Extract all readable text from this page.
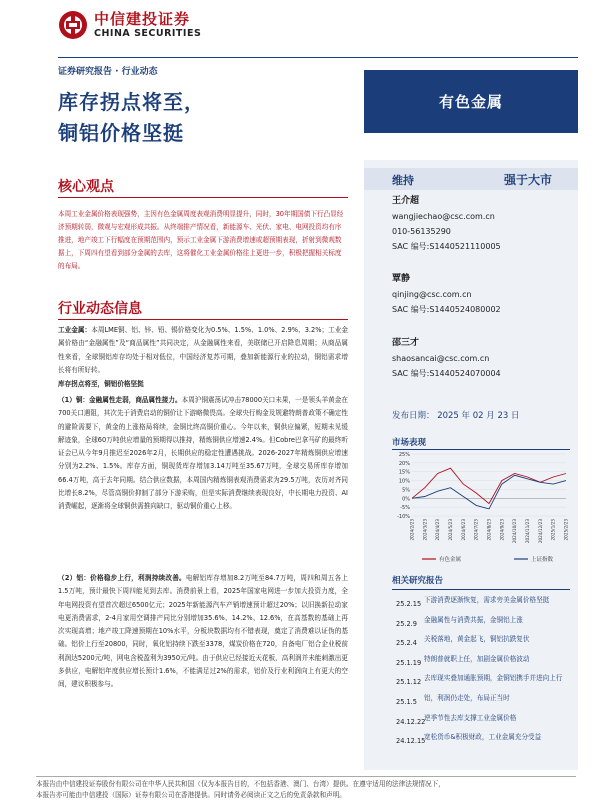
中信建投证券
CHINA SECURITIES
证券研究报告 · 行业动态
库存拐点将至，
铜铝价格坚挺
有色金属
核心观点
本周工业金属价格表现强势，主因有色金属周度表观消费明显提升，同时，30年期国债下行凸显经济预期转弱，微观与宏观形成共振。从终端排产情况看，新能源车、光伏、家电、电网投资均有序推进，地产竣工下行幅度在预期范围内，预示工业金属下游消费增速或超预期表现，折射到微观数据上，下周四有望看到部分金属的去库，这将催化工业金属价格往上更进一步，积极把握相关标度的布局。
行业动态信息
工业金属：本周LME铜、铝、锌、铅、锡价格变化为0.5%、1.5%、1.0%、2.9%、3.2%；工业金属价格由“金融属性”及“商品属性”共同决定，从金融属性来看，美联储已开启降息周期；从商品属性来看，全球铜铝库存均处于相对低位，中国经济复苏可期，叠加新能源行业的拉动，铜铝需求增长将有所好转。
库存拐点将至，铜铝价格坚挺
（1）铜：金融属性走弱，商品属性接力。本周沪铜震荡试冲击78000关口未果，一是领头羊黄金在700关口遇阻，其次先于消费启动的铜价让下游略微畏高。全球央行购金及规避特朗普政策不确定性的避险需要下，黄金的上涨格局将续，金铜比终高铜价重心。今年以来，铜供应偏紧，短期未见缓解迹象，全球60万吨供应增量的预期得以推持，精炼铜供应增速2.4%。但Cobre巴拿马矿的最终听证会已从今年9月推迟至2026年2月，长期供应的稳定性遭遇挑战。2026-2027年精炼铜供应增速分别为2.2%、1.5%。库存方面，铜现货库存增加3.14万吨至35.67万吨，全球交易所库存增加66.4万吨，高于去年同期。结合供应数据，本周国内精炼铜表观消费需求为29.5万吨，农历对齐同比增长8.2%，尽管高铜价抑制了部分下游采购，但是实际消费继续表现良好，中长期电力投资、AI消费崛起，逐渐将全球铜供需推向缺口，驱动铜价重心上移。
（2）铝：价格稳步上行，利润持续改善。电解铝库存增加8.2万吨至84.7万吨，周四和周五各上1.5万吨，预计最快下周四能见到去库。消费前景上看，2025年国家电网进一步加大投资力度，全年电网投资有望首次超过6500亿元；2025年新能源汽车产销增速预计超过20%；以旧换新拉动家电更消费需求，2-4月家用空调排产同比分别增加35.6%、14.2%、12.6%，在高基数的基础上再次实现高增；地产竣工降速预期在10%水平，分板块数据均有不错表现，奠定了消费难以证伪的基础。铝价上行至20800，同时，氧化铝持续下跌至3378，煤炭价格在720，自备电厂铝合企业税前利润达5200元/吨，网电含税盈利为3950元/吨。由于供应已经接近天花板，高利润并未能刺激出更多供应，电解铝年度供应增长预计1.6%，不能满足过2%的需求，铝价及行业利润向上有更大的空间，建议积极参与。
维持	强于大市
王介超
wangjiechao@csc.com.cn
010-56135290
SAC 编号:S1440521110005
覃静
qinjing@csc.com.cn
SAC 编号:S1440524080002
邵三才
shaosancai@csc.com.cn
SAC 编号:S1440524070004
发布日期： 2025 年 02 月 23 日
市场表现
25%
20%
15%
10%
5%
0%
-5%
-10%
2024/2/23 2024/3/23 2024/4/23 2024/5/23 2024/6/23 2024/7/23 2024/8/23 2024/9/23 2024/10/23 2024/11/23 2024/12/23 2025/1/23 2025/2/23
有色金属	上证指数
相关研究报告
25.2.15 下游消费逐渐恢复，需求旁美金属价格坚挺
25.2.9 金融属性与消费共振，金铜铝上涨
25.2.4 关税落地，黄金起飞，铜铝抗跌复伏
25.1.19 特朗普就职上任，加剧金属价格波动
25.1.12 去库现实叠加通胀预期，金铜铝携手并进向上行
25.1.5 铝，利润仍走处，布局正当时
24.12.22
逆季节性去库支撑工业金属价格
24.12.15
宽松货币&积极财政，工业金属充分受益
本报告由中信建投证券股份有限公司在中华人民共和国（仅为本报告目的，不包括香港、澳门、台湾）提供。在遵守适用的法律法规情况下，
本报告亦可能由中信建投（国际）证券有限公司在香港提供。同时请务必阅读正文之后的免责条款和声明。
